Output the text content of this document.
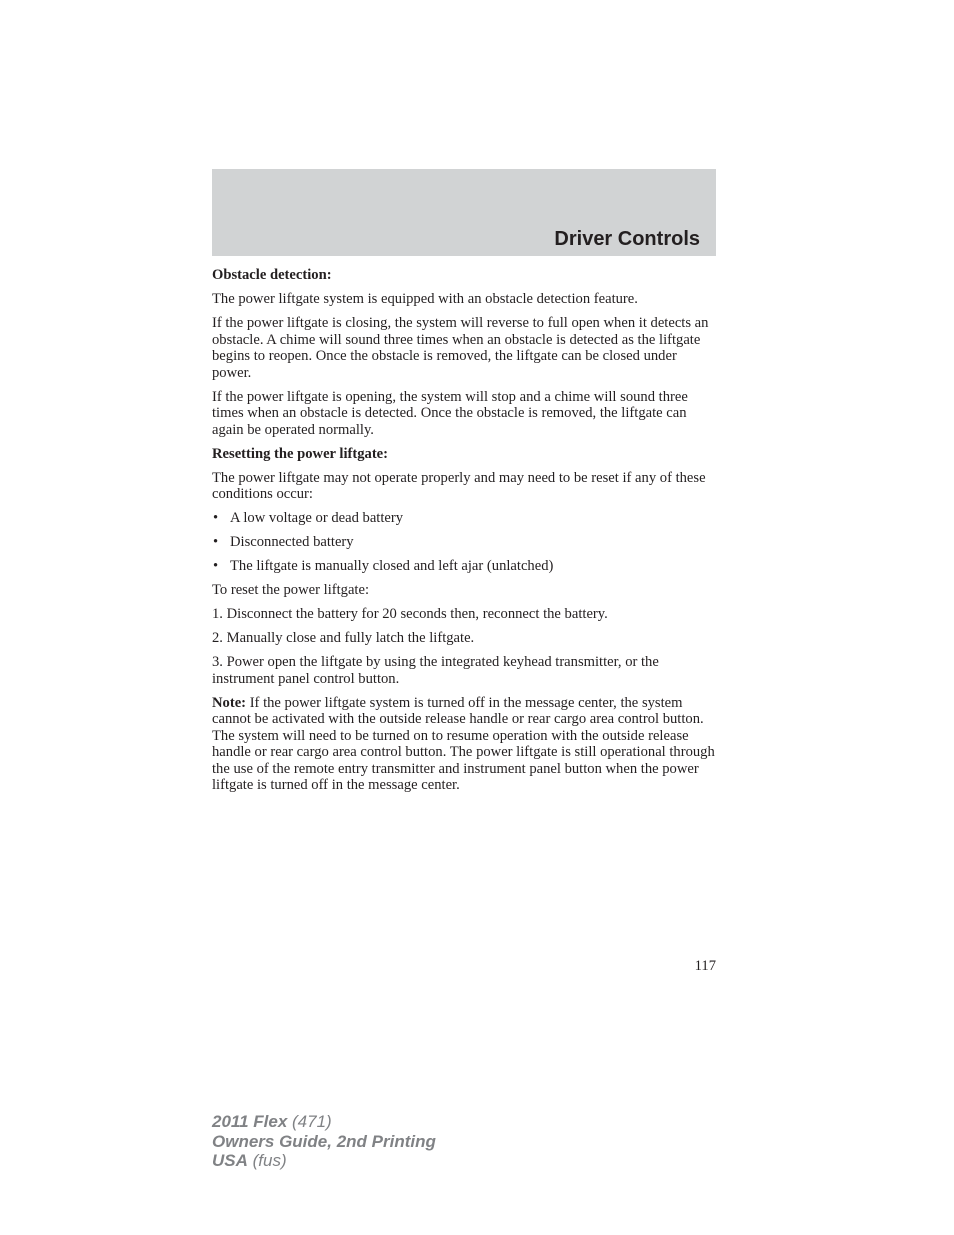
Driver Controls

Obstacle detection:

The power liftgate system is equipped with an obstacle detection feature.

If the power liftgate is closing, the system will reverse to full open when it detects an obstacle. A chime will sound three times when an obstacle is detected as the liftgate begins to reopen. Once the obstacle is removed, the liftgate can be closed under power.

If the power liftgate is opening, the system will stop and a chime will sound three times when an obstacle is detected. Once the obstacle is removed, the liftgate can again be operated normally.

Resetting the power liftgate:

The power liftgate may not operate properly and may need to be reset if any of these conditions occur:

• A low voltage or dead battery
• Disconnected battery
• The liftgate is manually closed and left ajar (unlatched)

To reset the power liftgate:

1. Disconnect the battery for 20 seconds then, reconnect the battery.

2. Manually close and fully latch the liftgate.

3. Power open the liftgate by using the integrated keyhead transmitter, or the instrument panel control button.

Note: If the power liftgate system is turned off in the message center, the system cannot be activated with the outside release handle or rear cargo area control button. The system will need to be turned on to resume operation with the outside release handle or rear cargo area control button. The power liftgate is still operational through the use of the remote entry transmitter and instrument panel button when the power liftgate is turned off in the message center.

117
2011 Flex (471)
Owners Guide, 2nd Printing
USA (fus)
